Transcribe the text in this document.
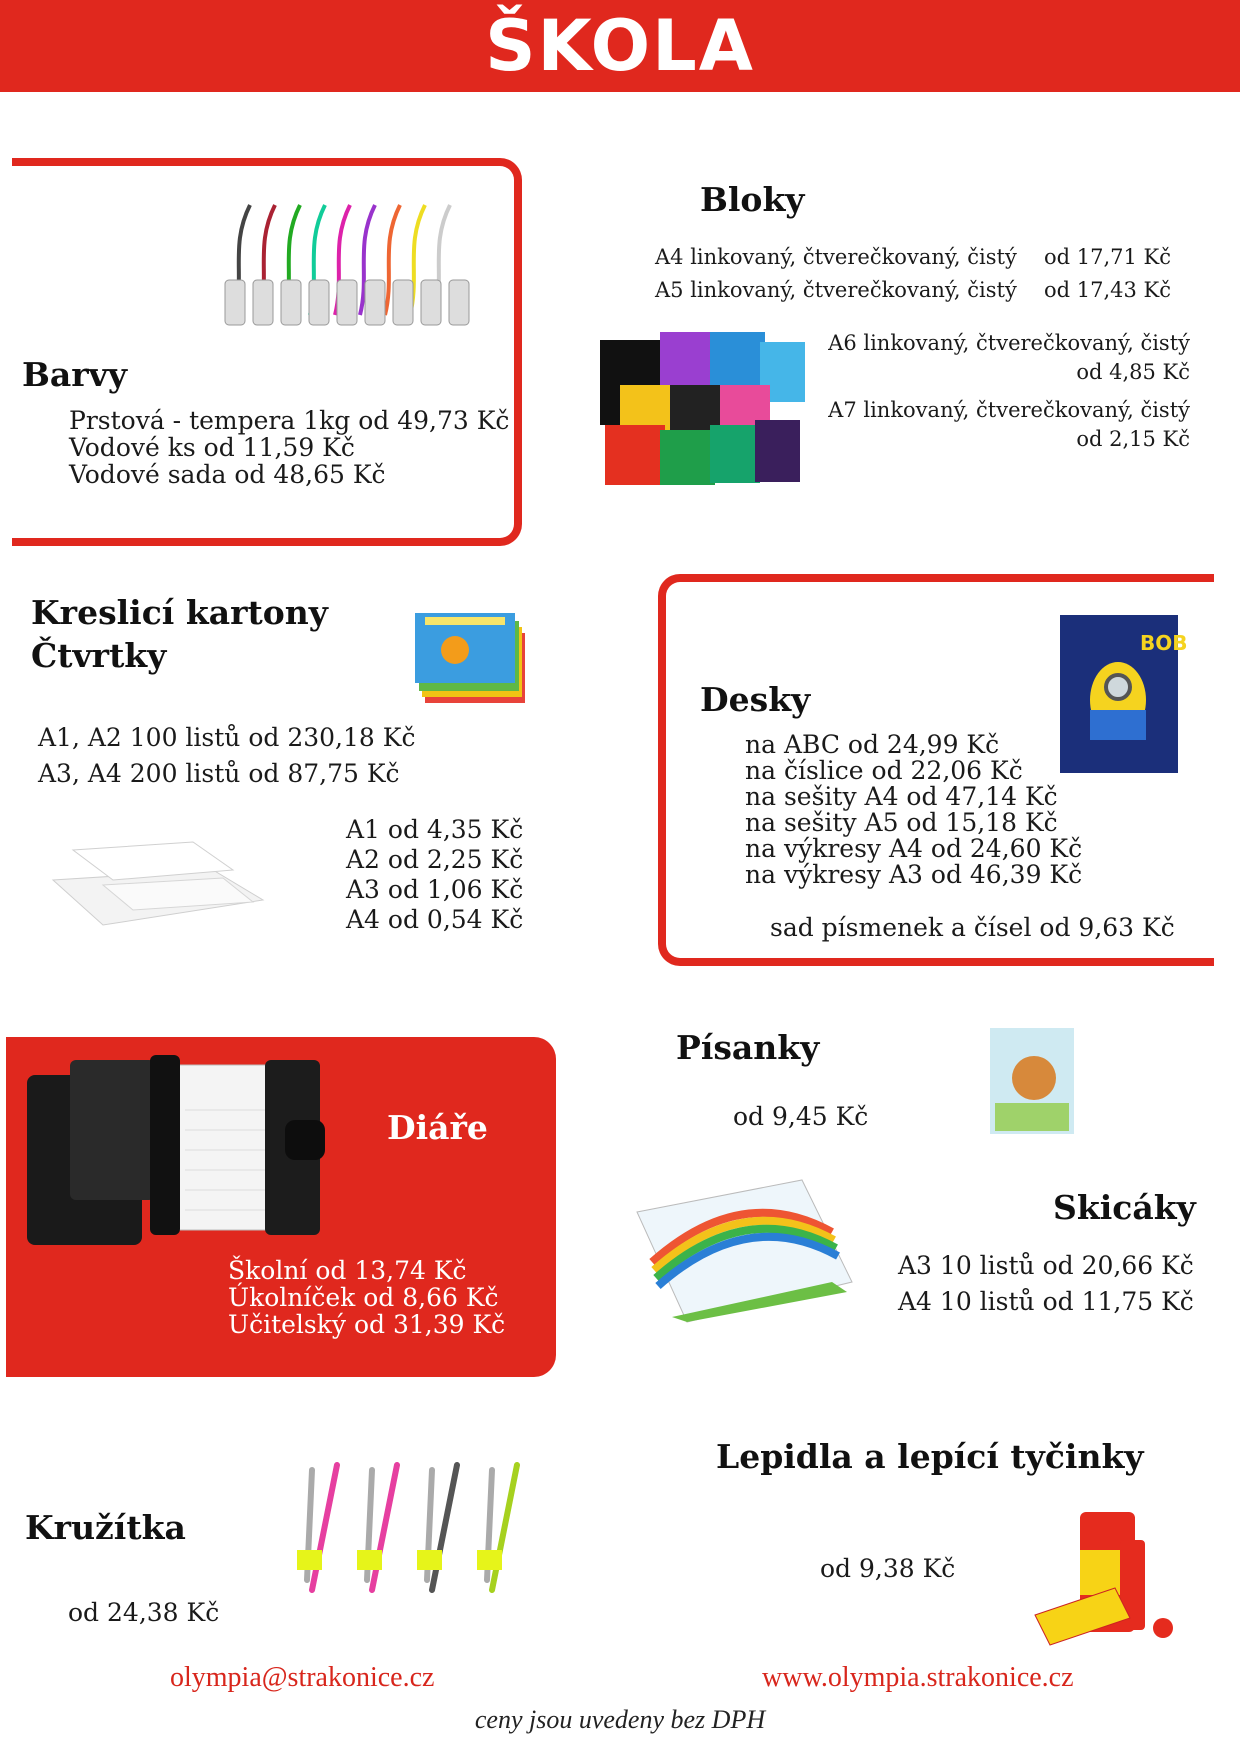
ŠKOLA
Barvy
Prstová - tempera 1kg od 49,73 Kč
Vodové ks od 11,59 Kč
Vodové sada od 48,65 Kč
Bloky
A4 linkovaný, čtverečkovaný, čistý od 17,71 Kč
A5 linkovaný, čtverečkovaný, čistý od 17,43 Kč
A6 linkovaný, čtverečkovaný, čistý
od 4,85 Kč
A7 linkovaný, čtverečkovaný, čistý
od 2,15 Kč
Kreslicí kartony
Čtvrtky
A1, A2 100 listů od 230,18 Kč
A3, A4 200 listů od 87,75 Kč
A1 od 4,35 Kč
A2 od 2,25 Kč
A3 od 1,06 Kč
A4 od 0,54 Kč
Desky
BOB
na ABC od 24,99 Kč
na číslice od 22,06 Kč
na sešity A4 od 47,14 Kč
na sešity A5 od 15,18 Kč
na výkresy A4 od 24,60 Kč
na výkresy A3 od 46,39 Kč
sad písmenek a čísel od 9,63 Kč
Diáře
Školní od 13,74 Kč
Úkolníček od 8,66 Kč
Učitelský od 31,39 Kč
Písanky
od 9,45 Kč
Skicáky
A3 10 listů od 20,66 Kč
A4 10 listů od 11,75 Kč
Kružítka
od 24,38 Kč
Lepidla a lepící tyčinky
od 9,38 Kč
olympia@strakonice.cz	www.olympia.strakonice.cz
ceny jsou uvedeny bez DPH
